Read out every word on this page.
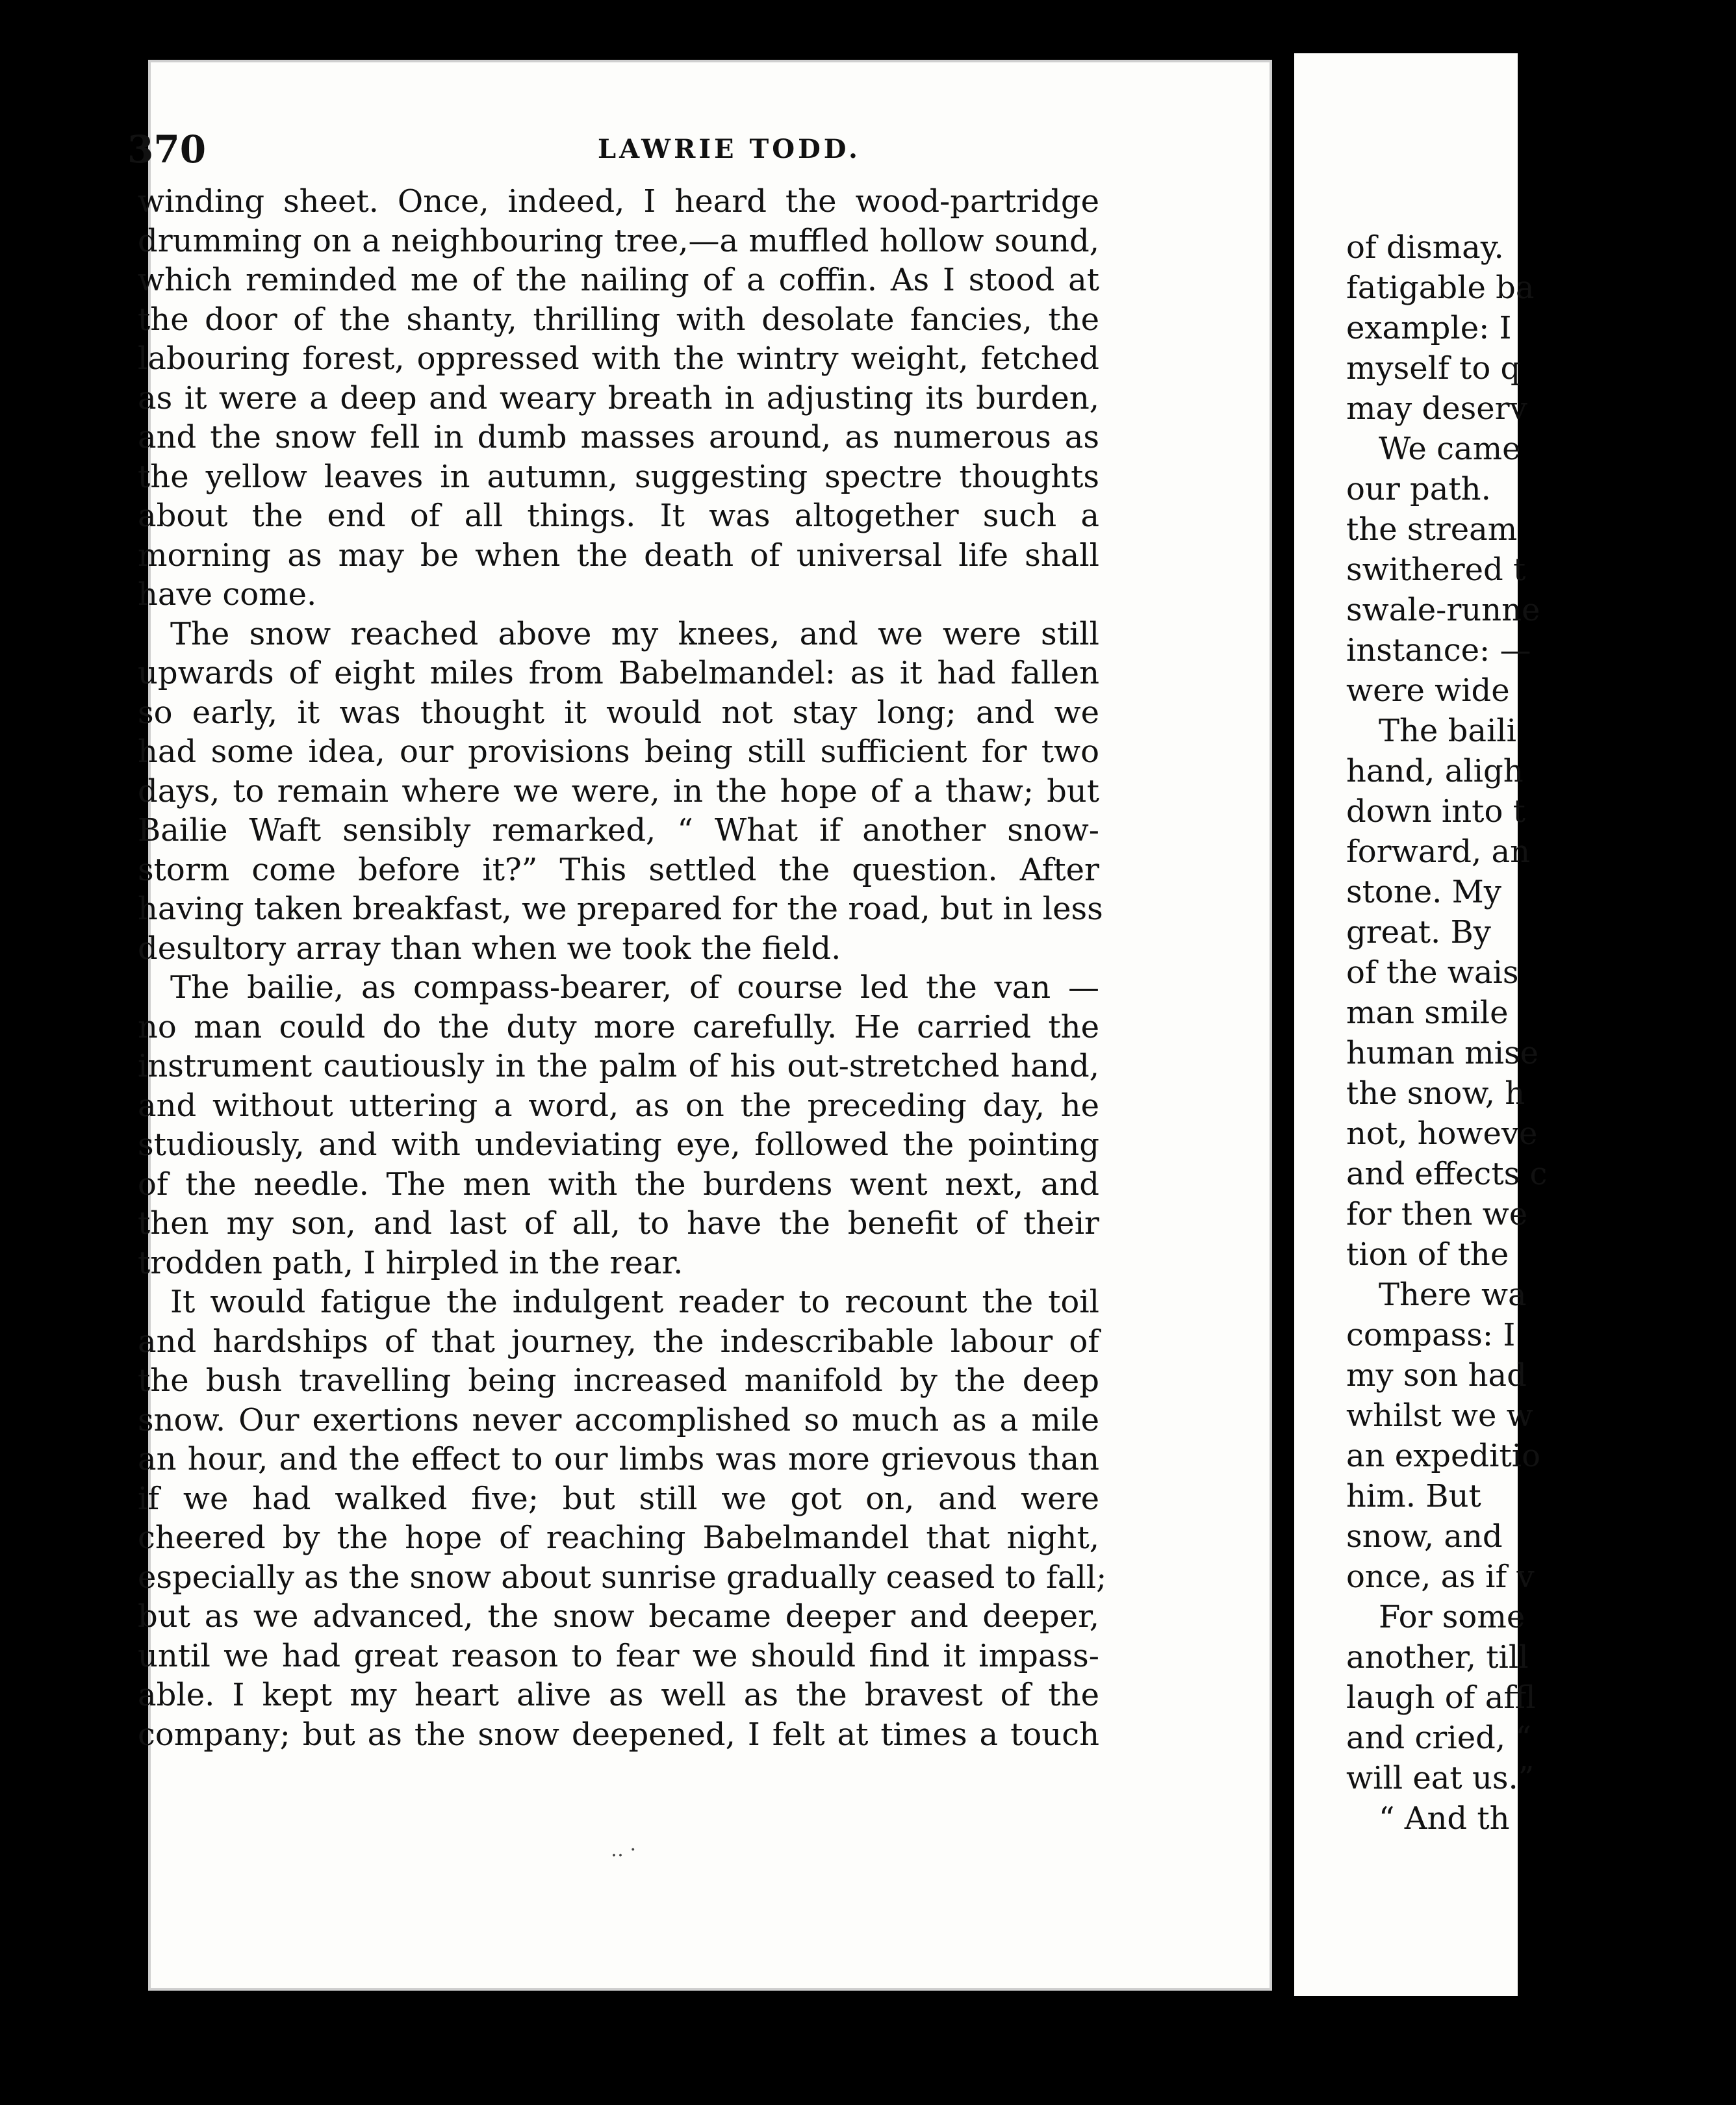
370	LAWRIE TODD.
winding sheet. Once, indeed, I heard the wood-partridge
drumming on a neighbouring tree,—a muffled hollow sound,
which reminded me of the nailing of a coffin. As I stood at
the door of the shanty, thrilling with desolate fancies, the
labouring forest, oppressed with the wintry weight, fetched
as it were a deep and weary breath in adjusting its burden,
and the snow fell in dumb masses around, as numerous as
the yellow leaves in autumn, suggesting spectre thoughts
about the end of all things. It was altogether such a
morning as may be when the death of universal life shall
have come.
The snow reached above my knees, and we were still
upwards of eight miles from Babelmandel: as it had fallen
so early, it was thought it would not stay long; and we
had some idea, our provisions being still sufficient for two
days, to remain where we were, in the hope of a thaw; but
Bailie Waft sensibly remarked, “ What if another snow-
storm come before it?” This settled the question. After
having taken breakfast, we prepared for the road, but in less
desultory array than when we took the field.
The bailie, as compass-bearer, of course led the van —
no man could do the duty more carefully. He carried the
instrument cautiously in the palm of his out-stretched hand,
and without uttering a word, as on the preceding day, he
studiously, and with undeviating eye, followed the pointing
of the needle. The men with the burdens went next, and
then my son, and last of all, to have the benefit of their
trodden path, I hirpled in the rear.
It would fatigue the indulgent reader to recount the toil
and hardships of that journey, the indescribable labour of
the bush travelling being increased manifold by the deep
snow. Our exertions never accomplished so much as a mile
an hour, and the effect to our limbs was more grievous than
if we had walked five; but still we got on, and were
cheered by the hope of reaching Babelmandel that night,
especially as the snow about sunrise gradually ceased to fall;
but as we advanced, the snow became deeper and deeper,
until we had great reason to fear we should find it impass-
able. I kept my heart alive as well as the bravest of the
company; but as the snow deepened, I felt at times a touch
‥ ·
of dismay.
fatigable ba
example: I
myself to q
may deserv
We came
our path.
the stream
swithered t
swale-runne
instance: —
were wide
The baili
hand, aligh
down into t
forward, an
stone. My
great. By
of the wais
man smile
human mise
the snow, h
not, howeve
and effects c
for then we
tion of the
There wa
compass: I
my son had
whilst we w
an expeditio
him. But
snow, and
once, as if v
For some
another, till
laugh of affl
and cried, “
will eat us.”
“ And th
